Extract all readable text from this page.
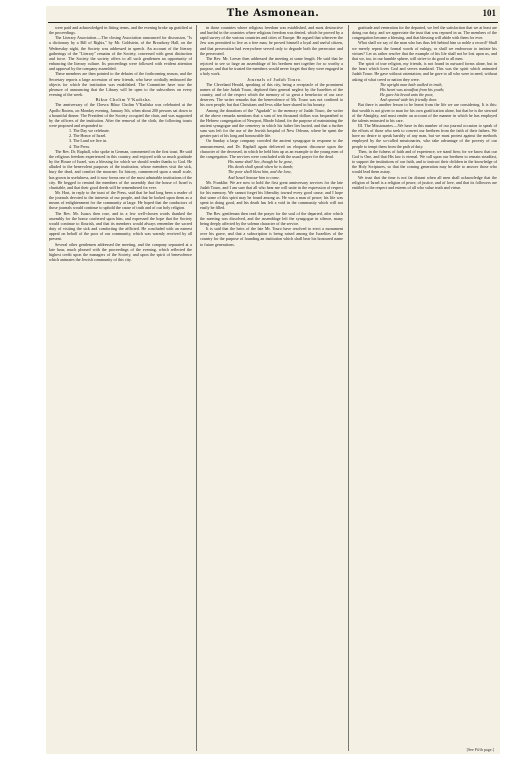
The Asmonean.	101

were paid and acknowledged in fitting terms, and the evening broke up gratified at the proceedings.

The Literary Association.—The closing Association announced for discussion, "Is a dictionary by a Bill of Rights," by Mr. Goldstein, of the Broadway Hall, on the Wednesday night, the Society was addressed in speech. An account of the literary gatherings of the "Literary" remains of the Society, conversed with great distinction and force. The Society the society offers to all such gentlemen an opportunity of enhancing the literary culture. Its proceedings were followed with evident attention and approval by the company assembled.

These members are then pointed to the debates of the forthcoming season, and the Secretary reports a large accession of new friends, who have cordially embraced the objects for which the institution was established. The Committee have now the pleasure of announcing that the Library will be open to the subscribers on every evening of the week.

Bikur Cholim V'Kadisha.

The anniversary of the Chevra Bikur Cholim V'Kadisha was celebrated at the Apollo Rooms, on Monday evening, January 5th, when about 200 persons sat down to a bountiful dinner. The President of the Society occupied the chair, and was supported by the officers of the institution. After the removal of the cloth, the following toasts were proposed and responded to:

1. The Day we celebrate.

2. The Honor of Israel.

3. The Land we live in.

4. The Press.

The Rev. Dr. Raphall, who spoke in German, commented on the first toast. He said the religious freedom experienced in this country, and enjoyed with so much gratitude by the House of Israel, was a blessing for which we should render thanks to God. He alluded to the benevolent purposes of the institution, whose members visit the sick, bury the dead, and comfort the mourner. Its history, commenced upon a small scale, has grown in usefulness, and it now forms one of the most admirable institutions of the city. He begged to remind the members of the assembly that the house of Israel is charitable, and that their good deeds will be remembered for ever.

Mr. Hart, in reply to the toast of the Press, said that he had long been a reader of the journals devoted to the interests of our people, and that he looked upon them as a means of enlightenment for the community at large. He hoped that the conductors of those journals would continue to uphold the cause of truth and of our holy religion.

The Rev. Mr. Isaacs then rose, and in a few well-chosen words thanked the assembly for the honor conferred upon him, and expressed the hope that the Society would continue to flourish, and that its members would always remember the sacred duty of visiting the sick and comforting the afflicted. He concluded with an earnest appeal on behalf of the poor of our community, which was warmly received by all present.

Several other gentlemen addressed the meeting, and the company separated at a late hour, much pleased with the proceedings of the evening, which reflected the highest credit upon the managers of the Society, and upon the spirit of benevolence which animates the Jewish community of this city.

in those countries where religious freedom was established, and most destructive and hurtful in the countries where religious freedom was denied, which he proved by a rapid survey of the various countries and cities of Europe. He argued that wherever the Jew was permitted to live as a free man, he proved himself a loyal and useful citizen, and that persecution had everywhere served only to degrade both the persecutor and the persecuted.

The Rev. Mr. Leeser then addressed the meeting at some length. He said that he rejoiced to see so large an assemblage of his brethren met together for so worthy a purpose, and that he trusted the members would never forget that they were engaged in a holy work.

Journals of Judah Touro.

The Cleveland Herald, speaking of this city, being a receptacle of the prominent names of the late Judah Touro, deplored their general neglect by the Israelites of the country, and of the respect which the memory of so great a benefactor of our race deserves. The writer remarks that the benevolence of Mr. Touro was not confined to his own people, but that Christians and Jews alike have shared in his bounty.

Among the donations of the "Agudath" to the memory of Judah Touro, the writer of the above remarks mentions that a sum of ten thousand dollars was bequeathed to the Hebrew congregation of Newport, Rhode Island, for the purpose of maintaining the ancient synagogue and the cemetery in which his father lies buried, and that a further sum was left for the use of the Jewish hospital of New Orleans, where he spent the greater part of his long and honourable life.

On Sunday a large company crowded the ancient synagogue in response to the announcement, and Dr. Raphall again delivered an eloquent discourse upon the character of the deceased, in which he held him up as an example to the young men of the congregation. The services were concluded with the usual prayer for the dead.

His name shall live, though he be gone,

His deeds shall speak when he is dumb;

The poor shall bless him, and the lone,

And Israel honour him to come.

Mr. Franklin: We are now to hold the first great anniversary services for the late Judah Touro, and I am sure that all who hear me will unite in the expression of respect for his memory. We cannot forget his liberality toward every good cause, and I hope that some of this spirit may be found among us. He was a man of peace; his life was spent in doing good, and his death has left a void in the community which will not easily be filled.

The Rev. gentleman then read the prayer for the soul of the departed, after which the meeting was dissolved, and the assemblage left the synagogue in silence, many being deeply affected by the solemn character of the service.

It is said that the heirs of the late Mr. Touro have resolved to erect a monument over his grave, and that a subscription is being raised among the Israelites of the country for the purpose of founding an institution which shall bear his honoured name to future generations.

gratitude and veneration for the departed, we feel the satisfaction that we at least are doing our duty, and we appreciate the trust that was reposed in us. The members of the congregation became a blessing, and that blessing will abide with them for ever.

What shall we say of the man who has thus left behind him so noble a record? Shall we merely repeat the formal words of eulogy, or shall we endeavour to imitate his virtues? Let us rather resolve that the example of his life shall not be lost upon us, and that we, too, in our humble sphere, will strive to do good to all men.

The spirit of true religion, my friends, is not found in outward forms alone, but in the heart which loves God and serves mankind. This was the spirit which animated Judah Touro. He gave without ostentation, and he gave to all who were in need, without asking of what creed or nation they were.

The upright man hath walked in truth,

His heart was steadfast from his youth;

He gave his bread unto the poor,

And opened wide his friendly door.

But there is another lesson to be learnt from the life we are considering. It is this: that wealth is not given to man for his own gratification alone, but that he is the steward of the Almighty, and must render an account of the manner in which he has employed the talents entrusted to his care.

III. The Missionaries.—We have in this number of our journal occasion to speak of the efforts of those who seek to convert our brethren from the faith of their fathers. We have no desire to speak harshly of any man, but we must protest against the methods employed by the so-called missionaries, who take advantage of the poverty of our people to tempt them from the path of duty.

Then, in the fulness of faith and of experience, we stand firm; for we know that our God is One, and that His law is eternal. We call upon our brethren to remain steadfast, to support the institutions of our faith, and to instruct their children in the knowledge of the Holy Scriptures, so that the coming generation may be able to answer those who would lead them astray.

We trust that the time is not far distant when all men shall acknowledge that the religion of Israel is a religion of peace, of justice, and of love, and that its followers are entitled to the respect and esteem of all who value truth and virtue.

[See Fifth page.]
